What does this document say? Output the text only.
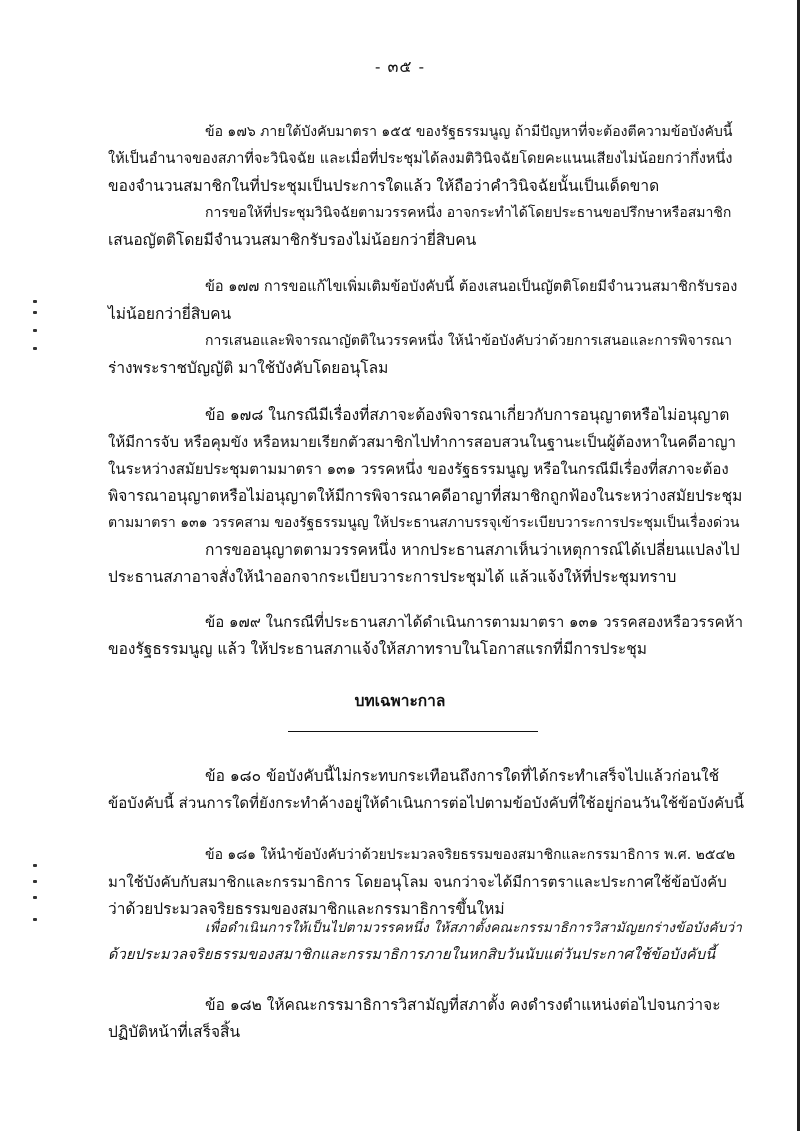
- ๓๕ -
ข้อ ๑๗๖ ภายใต้บังคับมาตรา ๑๕๕ ของรัฐธรรมนูญ ถ้ามีปัญหาที่จะต้องตีความข้อบังคับนี้
ให้เป็นอำนาจของสภาที่จะวินิจฉัย และเมื่อที่ประชุมได้ลงมติวินิจฉัยโดยคะแนนเสียงไม่น้อยกว่ากึ่งหนึ่ง
ของจำนวนสมาชิกในที่ประชุมเป็นประการใดแล้ว ให้ถือว่าคำวินิจฉัยนั้นเป็นเด็ดขาด
การขอให้ที่ประชุมวินิจฉัยตามวรรคหนึ่ง อาจกระทำได้โดยประธานขอปรึกษาหรือสมาชิก
เสนอญัตติโดยมีจำนวนสมาชิกรับรองไม่น้อยกว่ายี่สิบคน
ข้อ ๑๗๗ การขอแก้ไขเพิ่มเติมข้อบังคับนี้ ต้องเสนอเป็นญัตติโดยมีจำนวนสมาชิกรับรอง
ไม่น้อยกว่ายี่สิบคน
การเสนอและพิจารณาญัตติในวรรคหนึ่ง ให้นำข้อบังคับว่าด้วยการเสนอและการพิจารณา
ร่างพระราชบัญญัติ มาใช้บังคับโดยอนุโลม
ข้อ ๑๗๘ ในกรณีมีเรื่องที่สภาจะต้องพิจารณาเกี่ยวกับการอนุญาตหรือไม่อนุญาต
ให้มีการจับ หรือคุมขัง หรือหมายเรียกตัวสมาชิกไปทำการสอบสวนในฐานะเป็นผู้ต้องหาในคดีอาญา
ในระหว่างสมัยประชุมตามมาตรา ๑๓๑ วรรคหนึ่ง ของรัฐธรรมนูญ หรือในกรณีมีเรื่องที่สภาจะต้อง
พิจารณาอนุญาตหรือไม่อนุญาตให้มีการพิจารณาคดีอาญาที่สมาชิกถูกฟ้องในระหว่างสมัยประชุม
ตามมาตรา ๑๓๑ วรรคสาม ของรัฐธรรมนูญ ให้ประธานสภาบรรจุเข้าระเบียบวาระการประชุมเป็นเรื่องด่วน
การขออนุญาตตามวรรคหนึ่ง หากประธานสภาเห็นว่าเหตุการณ์ได้เปลี่ยนแปลงไป
ประธานสภาอาจสั่งให้นำออกจากระเบียบวาระการประชุมได้ แล้วแจ้งให้ที่ประชุมทราบ
ข้อ ๑๗๙ ในกรณีที่ประธานสภาได้ดำเนินการตามมาตรา ๑๓๑ วรรคสองหรือวรรคห้า
ของรัฐธรรมนูญ แล้ว ให้ประธานสภาแจ้งให้สภาทราบในโอกาสแรกที่มีการประชุม
บทเฉพาะกาล
ข้อ ๑๘๐ ข้อบังคับนี้ไม่กระทบกระเทือนถึงการใดที่ได้กระทำเสร็จไปแล้วก่อนใช้
ข้อบังคับนี้ ส่วนการใดที่ยังกระทำค้างอยู่ให้ดำเนินการต่อไปตามข้อบังคับที่ใช้อยู่ก่อนวันใช้ข้อบังคับนี้
ข้อ ๑๘๑ ให้นำข้อบังคับว่าด้วยประมวลจริยธรรมของสมาชิกและกรรมาธิการ พ.ศ. ๒๕๔๒
มาใช้บังคับกับสมาชิกและกรรมาธิการ โดยอนุโลม จนกว่าจะได้มีการตราและประกาศใช้ข้อบังคับ
ว่าด้วยประมวลจริยธรรมของสมาชิกและกรรมาธิการขึ้นใหม่
เพื่อดำเนินการให้เป็นไปตามวรรคหนึ่ง ให้สภาตั้งคณะกรรมาธิการวิสามัญยกร่างข้อบังคับว่า
ด้วยประมวลจริยธรรมของสมาชิกและกรรมาธิการภายในหกสิบวันนับแต่วันประกาศใช้ข้อบังคับนี้
ข้อ ๑๘๒ ให้คณะกรรมาธิการวิสามัญที่สภาตั้ง คงดำรงตำแหน่งต่อไปจนกว่าจะ
ปฏิบัติหน้าที่เสร็จสิ้น
